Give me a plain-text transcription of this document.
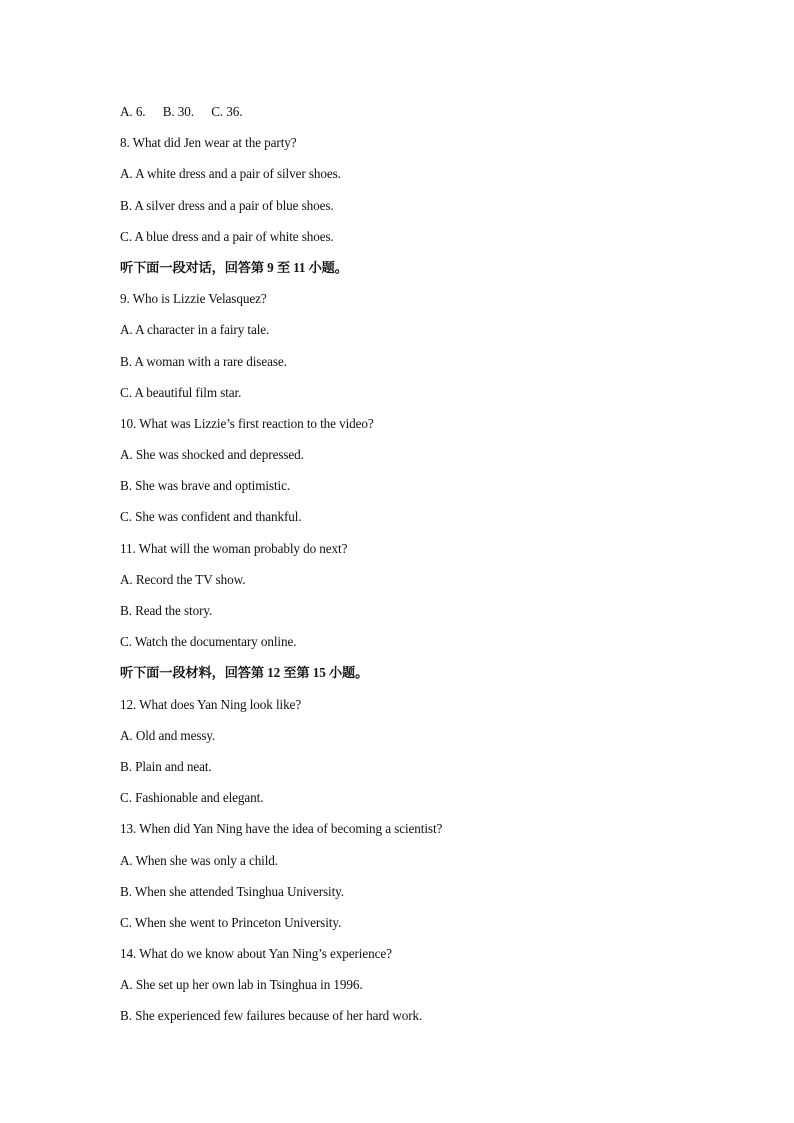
A. 6. B. 30. C. 36.
8. What did Jen wear at the party?
A. A white dress and a pair of silver shoes.
B. A silver dress and a pair of blue shoes.
C. A blue dress and a pair of white shoes.
听下面一段对话，回答第 9 至 11 小题。
9. Who is Lizzie Velasquez?
A. A character in a fairy tale.
B. A woman with a rare disease.
C. A beautiful film star.
10. What was Lizzie’s first reaction to the video?
A. She was shocked and depressed.
B. She was brave and optimistic.
C. She was confident and thankful.
11. What will the woman probably do next?
A. Record the TV show.
B. Read the story.
C. Watch the documentary online.
听下面一段材料，回答第 12 至第 15 小题。
12. What does Yan Ning look like?
A. Old and messy.
B. Plain and neat.
C. Fashionable and elegant.
13. When did Yan Ning have the idea of becoming a scientist?
A. When she was only a child.
B. When she attended Tsinghua University.
C. When she went to Princeton University.
14. What do we know about Yan Ning’s experience?
A. She set up her own lab in Tsinghua in 1996.
B. She experienced few failures because of her hard work.
